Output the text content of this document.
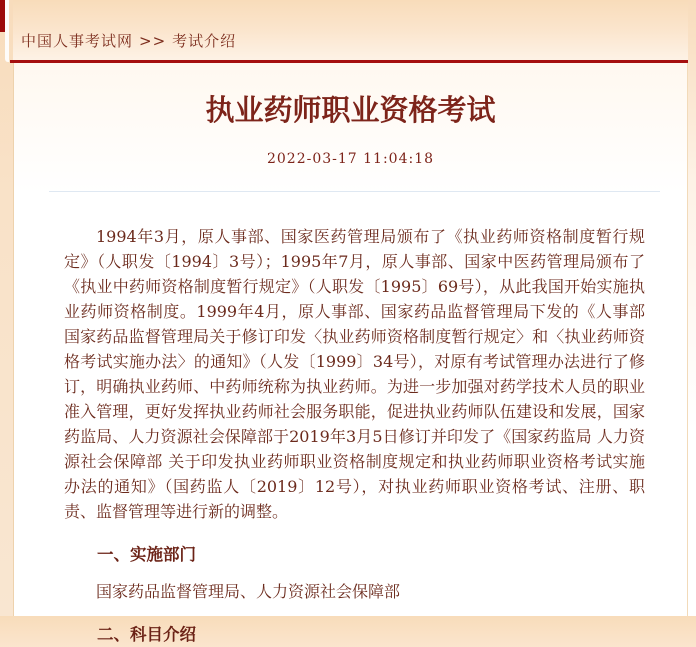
中国人事考试网 >> 考试介绍
执业药师职业资格考试
2022-03-17 11:04:18

1994年3月，原人事部、国家医药管理局颁布了《执业药师资格制度暂行规定》（人职发〔1994〕3号）；1995年7月，原人事部、国家中医药管理局颁布了《执业中药师资格制度暂行规定》（人职发〔1995〕69号），从此我国开始实施执业药师资格制度。1999年4月，原人事部、国家药品监督管理局下发的《人事部 国家药品监督管理局关于修订印发〈执业药师资格制度暂行规定〉和〈执业药师资格考试实施办法〉的通知》（人发〔1999〕34号），对原有考试管理办法进行了修订，明确执业药师、中药师统称为执业药师。为进一步加强对药学技术人员的职业准入管理，更好发挥执业药师社会服务职能，促进执业药师队伍建设和发展，国家药监局、人力资源社会保障部于2019年3月5日修订并印发了《国家药监局 人力资源社会保障部 关于印发执业药师职业资格制度规定和执业药师职业资格考试实施办法的通知》（国药监人〔2019〕12号），对执业药师职业资格考试、注册、职责、监督管理等进行新的调整。

一、实施部门

国家药品监督管理局、人力资源社会保障部

二、科目介绍
